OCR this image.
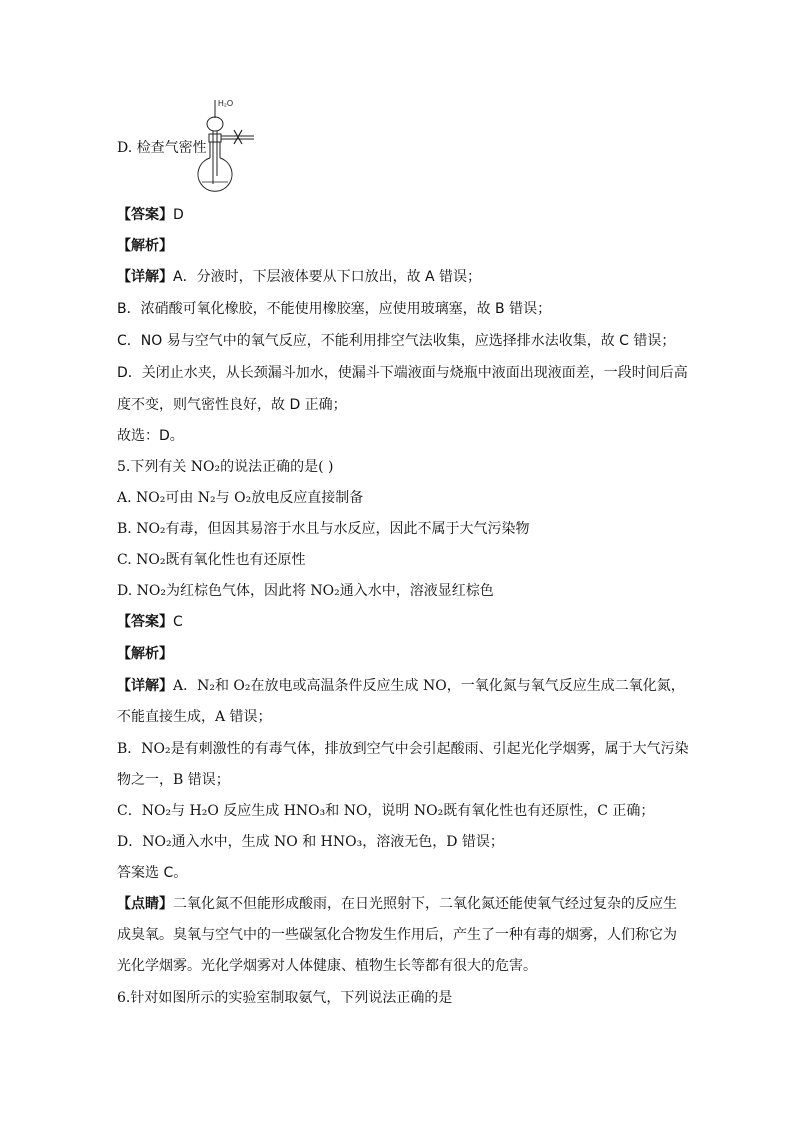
D. 检查气密性
H₂O
【答案】D
【解析】
【详解】A．分液时，下层液体要从下口放出，故 A 错误；
B．浓硝酸可氧化橡胶，不能使用橡胶塞，应使用玻璃塞，故 B 错误；
C．NO 易与空气中的氧气反应，不能利用排空气法收集，应选择排水法收集，故 C 错误；
D．关闭止水夹，从长颈漏斗加水，使漏斗下端液面与烧瓶中液面出现液面差，一段时间后高
度不变，则气密性良好，故 D 正确；
故选：D。
5.下列有关 NO₂的说法正确的是( )
A. NO₂可由 N₂与 O₂放电反应直接制备
B. NO₂有毒，但因其易溶于水且与水反应，因此不属于大气污染物
C. NO₂既有氧化性也有还原性
D. NO₂为红棕色气体，因此将 NO₂通入水中，溶液显红棕色
【答案】C
【解析】
【详解】A．N₂和 O₂在放电或高温条件反应生成 NO，一氧化氮与氧气反应生成二氧化氮，
不能直接生成，A 错误；
B．NO₂是有刺激性的有毒气体，排放到空气中会引起酸雨、引起光化学烟雾，属于大气污染
物之一，B 错误；
C．NO₂与 H₂O 反应生成 HNO₃和 NO，说明 NO₂既有氧化性也有还原性，C 正确；
D．NO₂通入水中，生成 NO 和 HNO₃，溶液无色，D 错误；
答案选 C。
【点睛】二氧化氮不但能形成酸雨，在日光照射下，二氧化氮还能使氧气经过复杂的反应生
成臭氧。臭氧与空气中的一些碳氢化合物发生作用后，产生了一种有毒的烟雾，人们称它为
光化学烟雾。光化学烟雾对人体健康、植物生长等都有很大的危害。
6.针对如图所示的实验室制取氨气，下列说法正确的是
